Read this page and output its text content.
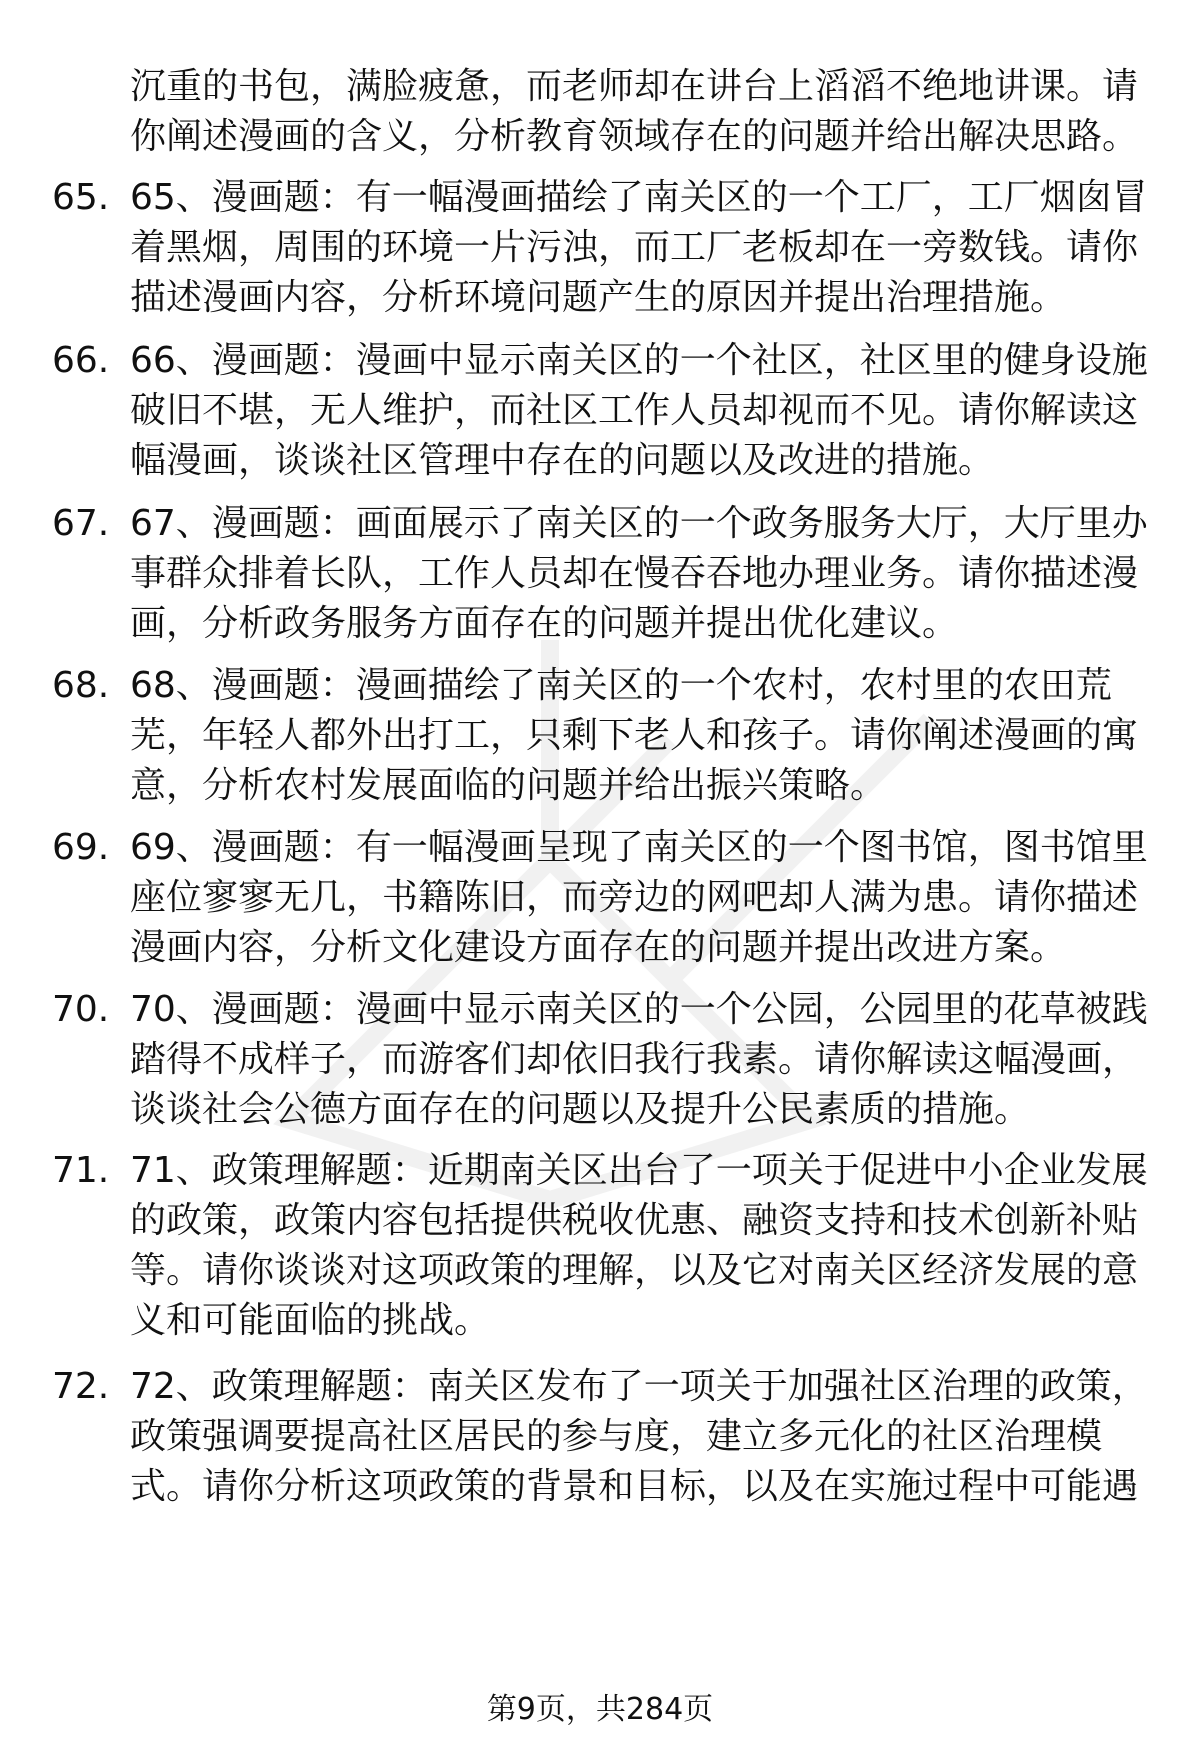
沉重的书包，满脸疲惫，而老师却在讲台上滔滔不绝地讲课。请你阐述漫画的含义，分析教育领域存在的问题并给出解决思路。
65. 65、漫画题：有一幅漫画描绘了南关区的一个工厂，工厂烟囱冒着黑烟，周围的环境一片污浊，而工厂老板却在一旁数钱。请你描述漫画内容，分析环境问题产生的原因并提出治理措施。
66. 66、漫画题：漫画中显示南关区的一个社区，社区里的健身设施破旧不堪，无人维护，而社区工作人员却视而不见。请你解读这幅漫画，谈谈社区管理中存在的问题以及改进的措施。
67. 67、漫画题：画面展示了南关区的一个政务服务大厅，大厅里办事群众排着长队，工作人员却在慢吞吞地办理业务。请你描述漫画，分析政务服务方面存在的问题并提出优化建议。
68. 68、漫画题：漫画描绘了南关区的一个农村，农村里的农田荒芜，年轻人都外出打工，只剩下老人和孩子。请你阐述漫画的寓意，分析农村发展面临的问题并给出振兴策略。
69. 69、漫画题：有一幅漫画呈现了南关区的一个图书馆，图书馆里座位寥寥无几，书籍陈旧，而旁边的网吧却人满为患。请你描述漫画内容，分析文化建设方面存在的问题并提出改进方案。
70. 70、漫画题：漫画中显示南关区的一个公园，公园里的花草被践踏得不成样子，而游客们却依旧我行我素。请你解读这幅漫画，谈谈社会公德方面存在的问题以及提升公民素质的措施。
71. 71、政策理解题：近期南关区出台了一项关于促进中小企业发展的政策，政策内容包括提供税收优惠、融资支持和技术创新补贴等。请你谈谈对这项政策的理解，以及它对南关区经济发展的意义和可能面临的挑战。
72. 72、政策理解题：南关区发布了一项关于加强社区治理的政策，政策强调要提高社区居民的参与度，建立多元化的社区治理模式。请你分析这项政策的背景和目标，以及在实施过程中可能遇
第9页，共284页
